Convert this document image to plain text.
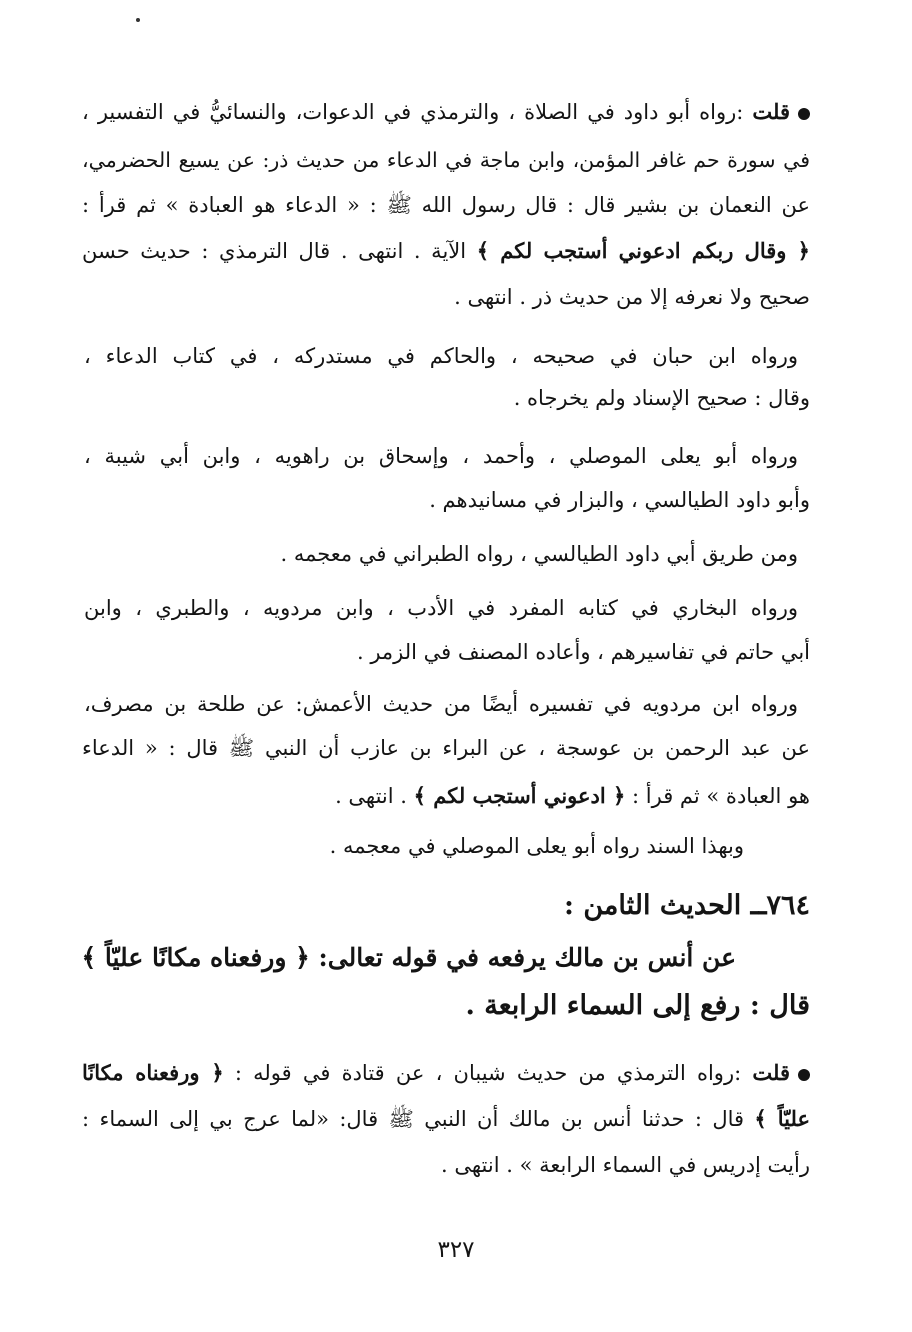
قلت :رواه أبو داود في الصلاة ، والترمذي في الدعوات، والنسائيُّ في التفسير ،
في سورة حم غافر المؤمن، وابن ماجة في الدعاء من حديث ذر: عن يسيع الحضرمي،
عن النعمان بن بشير قال : قال رسول الله ﷺ : « الدعاء هو العبادة » ثم قرأ :
﴿ وقال ربكم ادعوني أستجب لكم ﴾ الآية . انتهى . قال الترمذي : حديث حسن
صحيح ولا نعرفه إلا من حديث ذر . انتهى .
ورواه ابن حبان في صحيحه ، والحاكم في مستدركه ، في كتاب الدعاء ،
وقال : صحيح الإسناد ولم يخرجاه .
ورواه أبو يعلى الموصلي ، وأحمد ، وإسحاق بن راهويه ، وابن أبي شيبة ،
وأبو داود الطيالسي ، والبزار في مسانيدهم .
ومن طريق أبي داود الطيالسي ، رواه الطبراني في معجمه .
ورواه البخاري في كتابه المفرد في الأدب ، وابن مردويه ، والطبري ، وابن
أبي حاتم في تفاسيرهم ، وأعاده المصنف في الزمر .
ورواه ابن مردويه في تفسيره أيضًا من حديث الأعمش: عن طلحة بن مصرف،
عن عبد الرحمن بن عوسجة ، عن البراء بن عازب أن النبي ﷺ قال : « الدعاء
هو العبادة » ثم قرأ : ﴿ ادعوني أستجب لكم ﴾ . انتهى .
وبهذا السند رواه أبو يعلى الموصلي في معجمه .
٧٦٤ــ الحديث الثامن :
عن أنس بن مالك يرفعه في قوله تعالى: ﴿ ورفعناه مكانًا عليّاً ﴾
قال : رفع إلى السماء الرابعة .
قلت :رواه الترمذي من حديث شيبان ، عن قتادة في قوله : ﴿ ورفعناه مكانًا
عليّاً ﴾ قال : حدثنا أنس بن مالك أن النبي ﷺ قال: «لما عرج بي إلى السماء :
رأيت إدريس في السماء الرابعة » . انتهى .
٣٢٧
